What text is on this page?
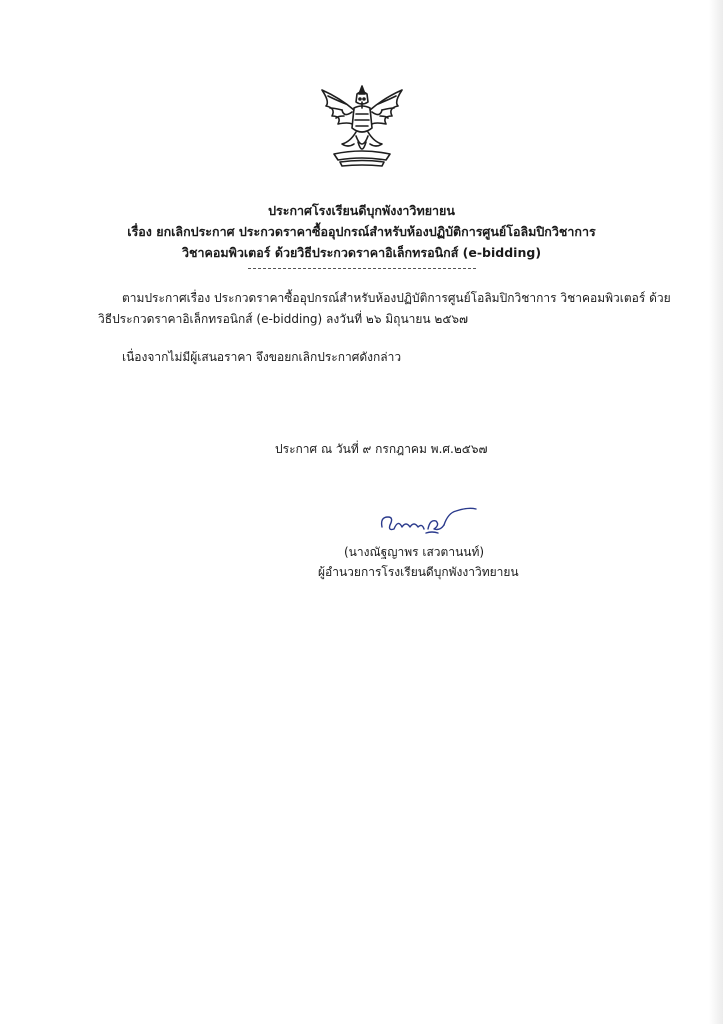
ประกาศโรงเรียนดีบุกพังงาวิทยายน
เรื่อง ยกเลิกประกาศ ประกวดราคาซื้ออุปกรณ์สำหรับห้องปฏิบัติการศูนย์โอลิมปิกวิชาการ
วิชาคอมพิวเตอร์ ด้วยวิธีประกวดราคาอิเล็กทรอนิกส์ (e-bidding)
ตามประกาศเรื่อง ประกวดราคาซื้ออุปกรณ์สำหรับห้องปฏิบัติการศูนย์โอลิมปิกวิชาการ วิชาคอมพิวเตอร์ ด้วย
วิธีประกวดราคาอิเล็กทรอนิกส์ (e-bidding) ลงวันที่ ๒๖ มิถุนายน ๒๕๖๗
เนื่องจากไม่มีผู้เสนอราคา จึงขอยกเลิกประกาศดังกล่าว
ประกาศ ณ วันที่ ๙ กรกฎาคม พ.ศ.๒๕๖๗
(นางณัฐญาพร เสวตานนท์)
ผู้อำนวยการโรงเรียนดีบุกพังงาวิทยายน
